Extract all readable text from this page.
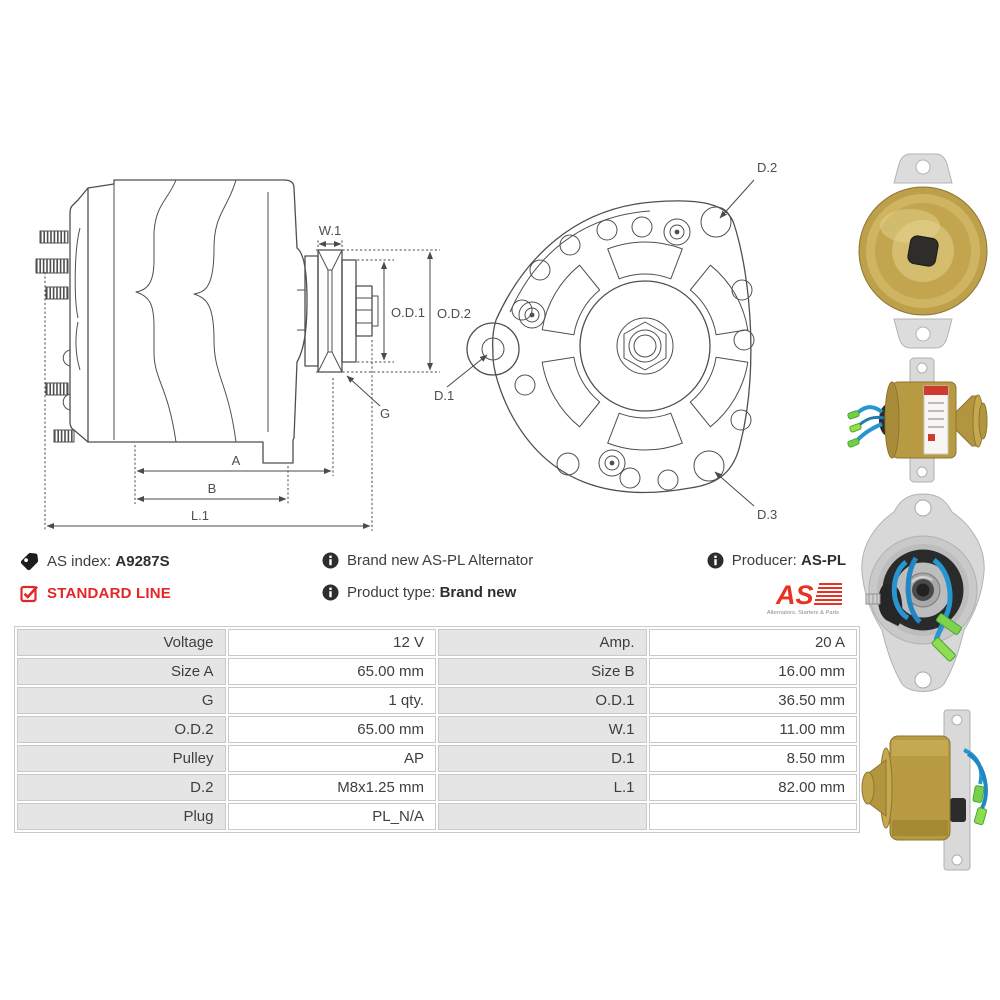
W.1
O.D.1 O.D.2
G
A
B
L.1
D.2
D.1
D.3
AS index: A9287S
STANDARD LINE
Brand new AS-PL Alternator
Product type: Brand new
Producer: AS-PL
AS
Alternators, Starters & Parts
Voltage	12 V	Amp.	20 A
Size A	65.00 mm	Size B	16.00 mm
G	1 qty.	O.D.1	36.50 mm
O.D.2	65.00 mm	W.1	11.00 mm
Pulley	AP	D.1	8.50 mm
D.2	M8x1.25 mm	L.1	82.00 mm
Plug	PL_N/A		
